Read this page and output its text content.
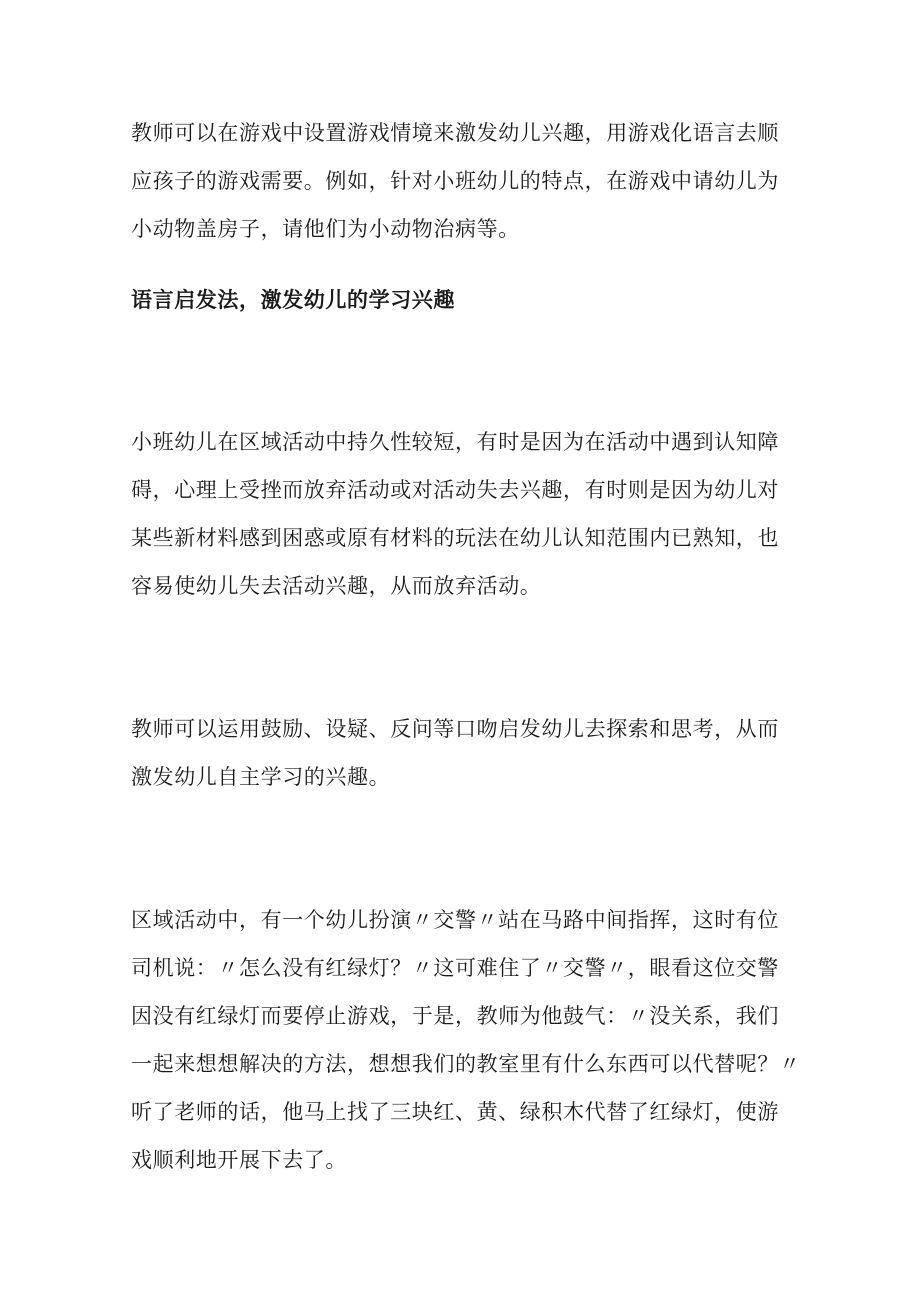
教师可以在游戏中设置游戏情境来激发幼儿兴趣，用游戏化语言去顺
应孩子的游戏需要。例如，针对小班幼儿的特点，在游戏中请幼儿为
小动物盖房子，请他们为小动物治病等。
语言启发法，激发幼儿的学习兴趣
小班幼儿在区域活动中持久性较短，有时是因为在活动中遇到认知障
碍，心理上受挫而放弃活动或对活动失去兴趣，有时则是因为幼儿对
某些新材料感到困惑或原有材料的玩法在幼儿认知范围内已熟知，也
容易使幼儿失去活动兴趣，从而放弃活动。
教师可以运用鼓励、设疑、反问等口吻启发幼儿去探索和思考，从而
激发幼儿自主学习的兴趣。
区域活动中，有一个幼儿扮演〃交警〃站在马路中间指挥，这时有位
司机说：〃怎么没有红绿灯？〃这可难住了〃交警〃，眼看这位交警
因没有红绿灯而要停止游戏，于是，教师为他鼓气：〃没关系，我们
一起来想想解决的方法，想想我们的教室里有什么东西可以代替呢？〃
听了老师的话，他马上找了三块红、黄、绿积木代替了红绿灯，使游
戏顺利地开展下去了。
